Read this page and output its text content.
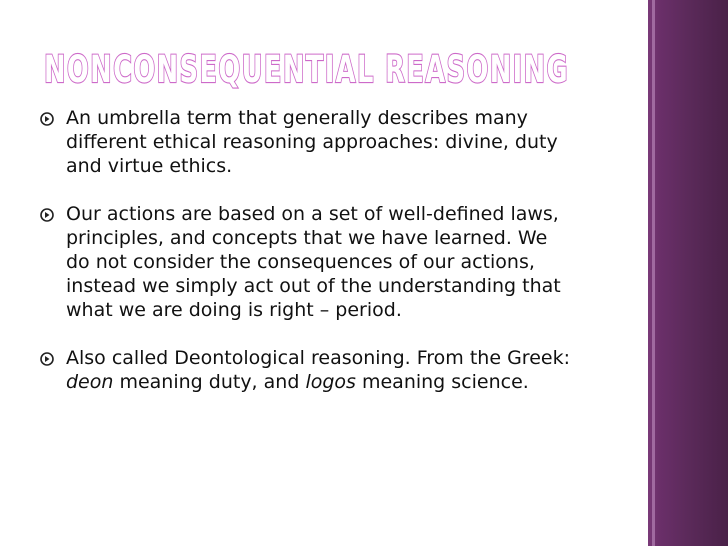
NONCONSEQUENTIAL REASONING
An umbrella term that generally describes many
different ethical reasoning approaches: divine, duty
and virtue ethics.
Our actions are based on a set of well-defined laws,
principles, and concepts that we have learned. We
do not consider the consequences of our actions,
instead we simply act out of the understanding that
what we are doing is right – period.
Also called Deontological reasoning. From the Greek:
deon meaning duty, and logos meaning science.
